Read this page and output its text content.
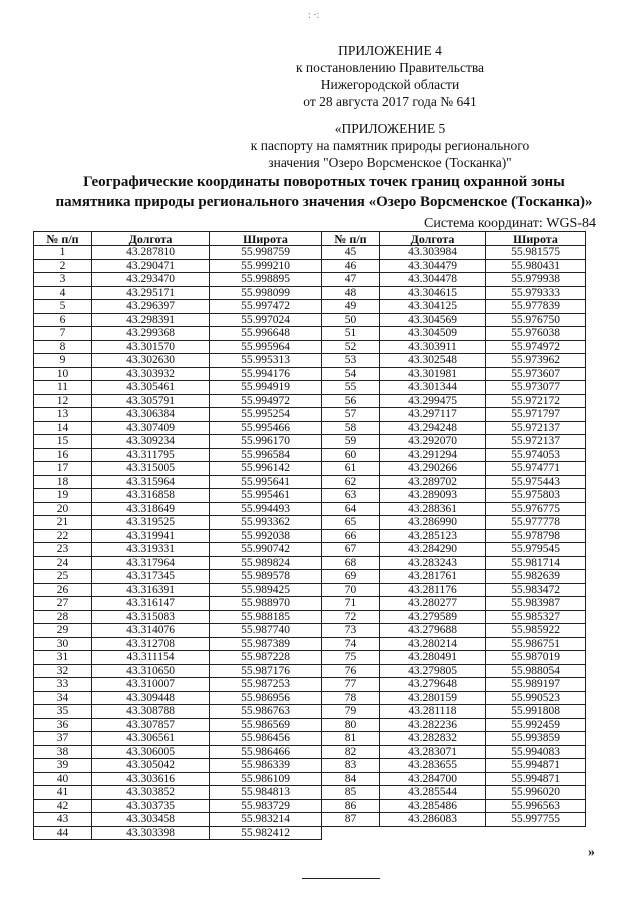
: ·:
ПРИЛОЖЕНИЕ 4
к постановлению Правительства
Нижегородской области
от 28 августа 2017 года № 641
«ПРИЛОЖЕНИЕ 5
к паспорту на памятник природы регионального
значения "Озеро Ворсменское (Тосканка)"
Географические координаты поворотных точек границ охранной зоны
памятника природы регионального значения «Озеро Ворсменское (Тосканка)»
Система координат: WGS-84
№ п/п	Долгота	Широта	№ п/п	Долгота	Широта
1	43.287810	55.998759	45	43.303984	55.981575
2	43.290471	55.999210	46	43.304479	55.980431
3	43.293470	55.998895	47	43.304478	55.979938
4	43.295171	55.998099	48	43.304615	55.979333
5	43.296397	55.997472	49	43.304125	55.977839
6	43.298391	55.997024	50	43.304569	55.976750
7	43.299368	55.996648	51	43.304509	55.976038
8	43.301570	55.995964	52	43.303911	55.974972
9	43.302630	55.995313	53	43.302548	55.973962
10	43.303932	55.994176	54	43.301981	55.973607
11	43.305461	55.994919	55	43.301344	55.973077
12	43.305791	55.994972	56	43.299475	55.972172
13	43.306384	55.995254	57	43.297117	55.971797
14	43.307409	55.995466	58	43.294248	55.972137
15	43.309234	55.996170	59	43.292070	55.972137
16	43.311795	55.996584	60	43.291294	55.974053
17	43.315005	55.996142	61	43.290266	55.974771
18	43.315964	55.995641	62	43.289702	55.975443
19	43.316858	55.995461	63	43.289093	55.975803
20	43.318649	55.994493	64	43.288361	55.976775
21	43.319525	55.993362	65	43.286990	55.977778
22	43.319941	55.992038	66	43.285123	55.978798
23	43.319331	55.990742	67	43.284290	55.979545
24	43.317964	55.989824	68	43.283243	55.981714
25	43.317345	55.989578	69	43.281761	55.982639
26	43.316391	55.989425	70	43.281176	55.983472
27	43.316147	55.988970	71	43.280277	55.983987
28	43.315083	55.988185	72	43.279589	55.985327
29	43.314076	55.987740	73	43.279688	55.985922
30	43.312708	55.987389	74	43.280214	55.986751
31	43.311154	55.987228	75	43.280491	55.987019
32	43.310650	55.987176	76	43.279805	55.988054
33	43.310007	55.987253	77	43.279648	55.989197
34	43.309448	55.986956	78	43.280159	55.990523
35	43.308788	55.986763	79	43.281118	55.991808
36	43.307857	55.986569	80	43.282236	55.992459
37	43.306561	55.986456	81	43.282832	55.993859
38	43.306005	55.986466	82	43.283071	55.994083
39	43.305042	55.986339	83	43.283655	55.994871
40	43.303616	55.986109	84	43.284700	55.994871
41	43.303852	55.984813	85	43.285544	55.996020
42	43.303735	55.983729	86	43.285486	55.996563
43	43.303458	55.983214	87	43.286083	55.997755
44	43.303398	55.982412			
»
